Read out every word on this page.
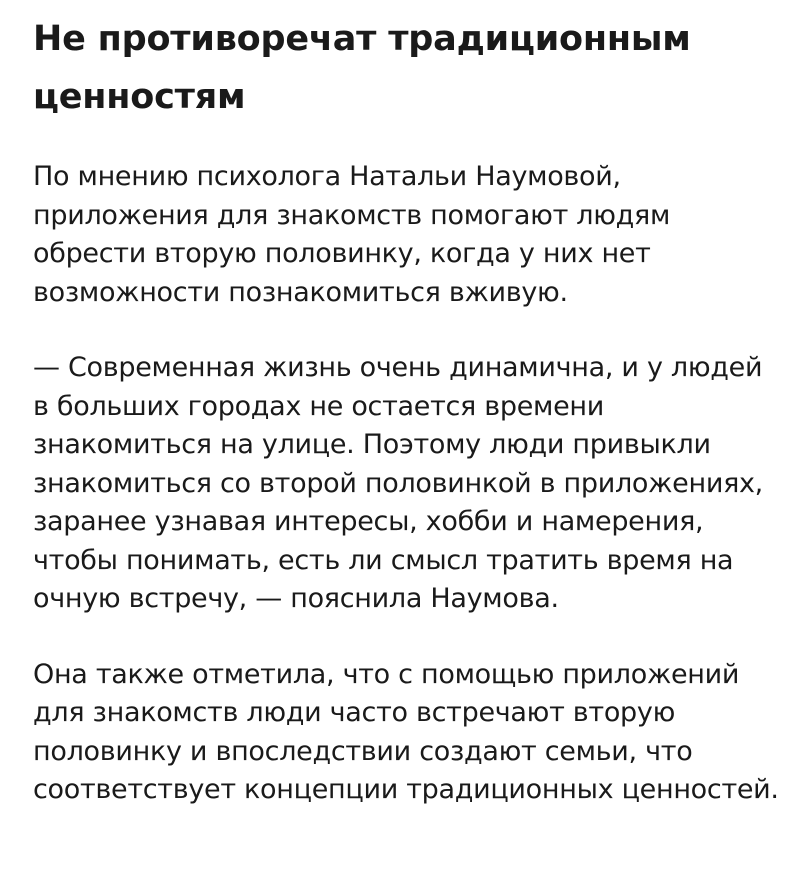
Не противоречат традиционным ценностям

По мнению психолога Натальи Наумовой, приложения для знакомств помогают людям обрести вторую половинку, когда у них нет возможности познакомиться вживую.

— Современная жизнь очень динамична, и у людей в больших городах не остается времени знакомиться на улице. Поэтому люди привыкли знакомиться со второй половинкой в приложениях, заранее узнавая интересы, хобби и намерения, чтобы понимать, есть ли смысл тратить время на очную встречу, — пояснила Наумова.

Она также отметила, что с помощью приложений для знакомств люди часто встречают вторую половинку и впоследствии создают семьи, что соответствует концепции традиционных ценностей.
